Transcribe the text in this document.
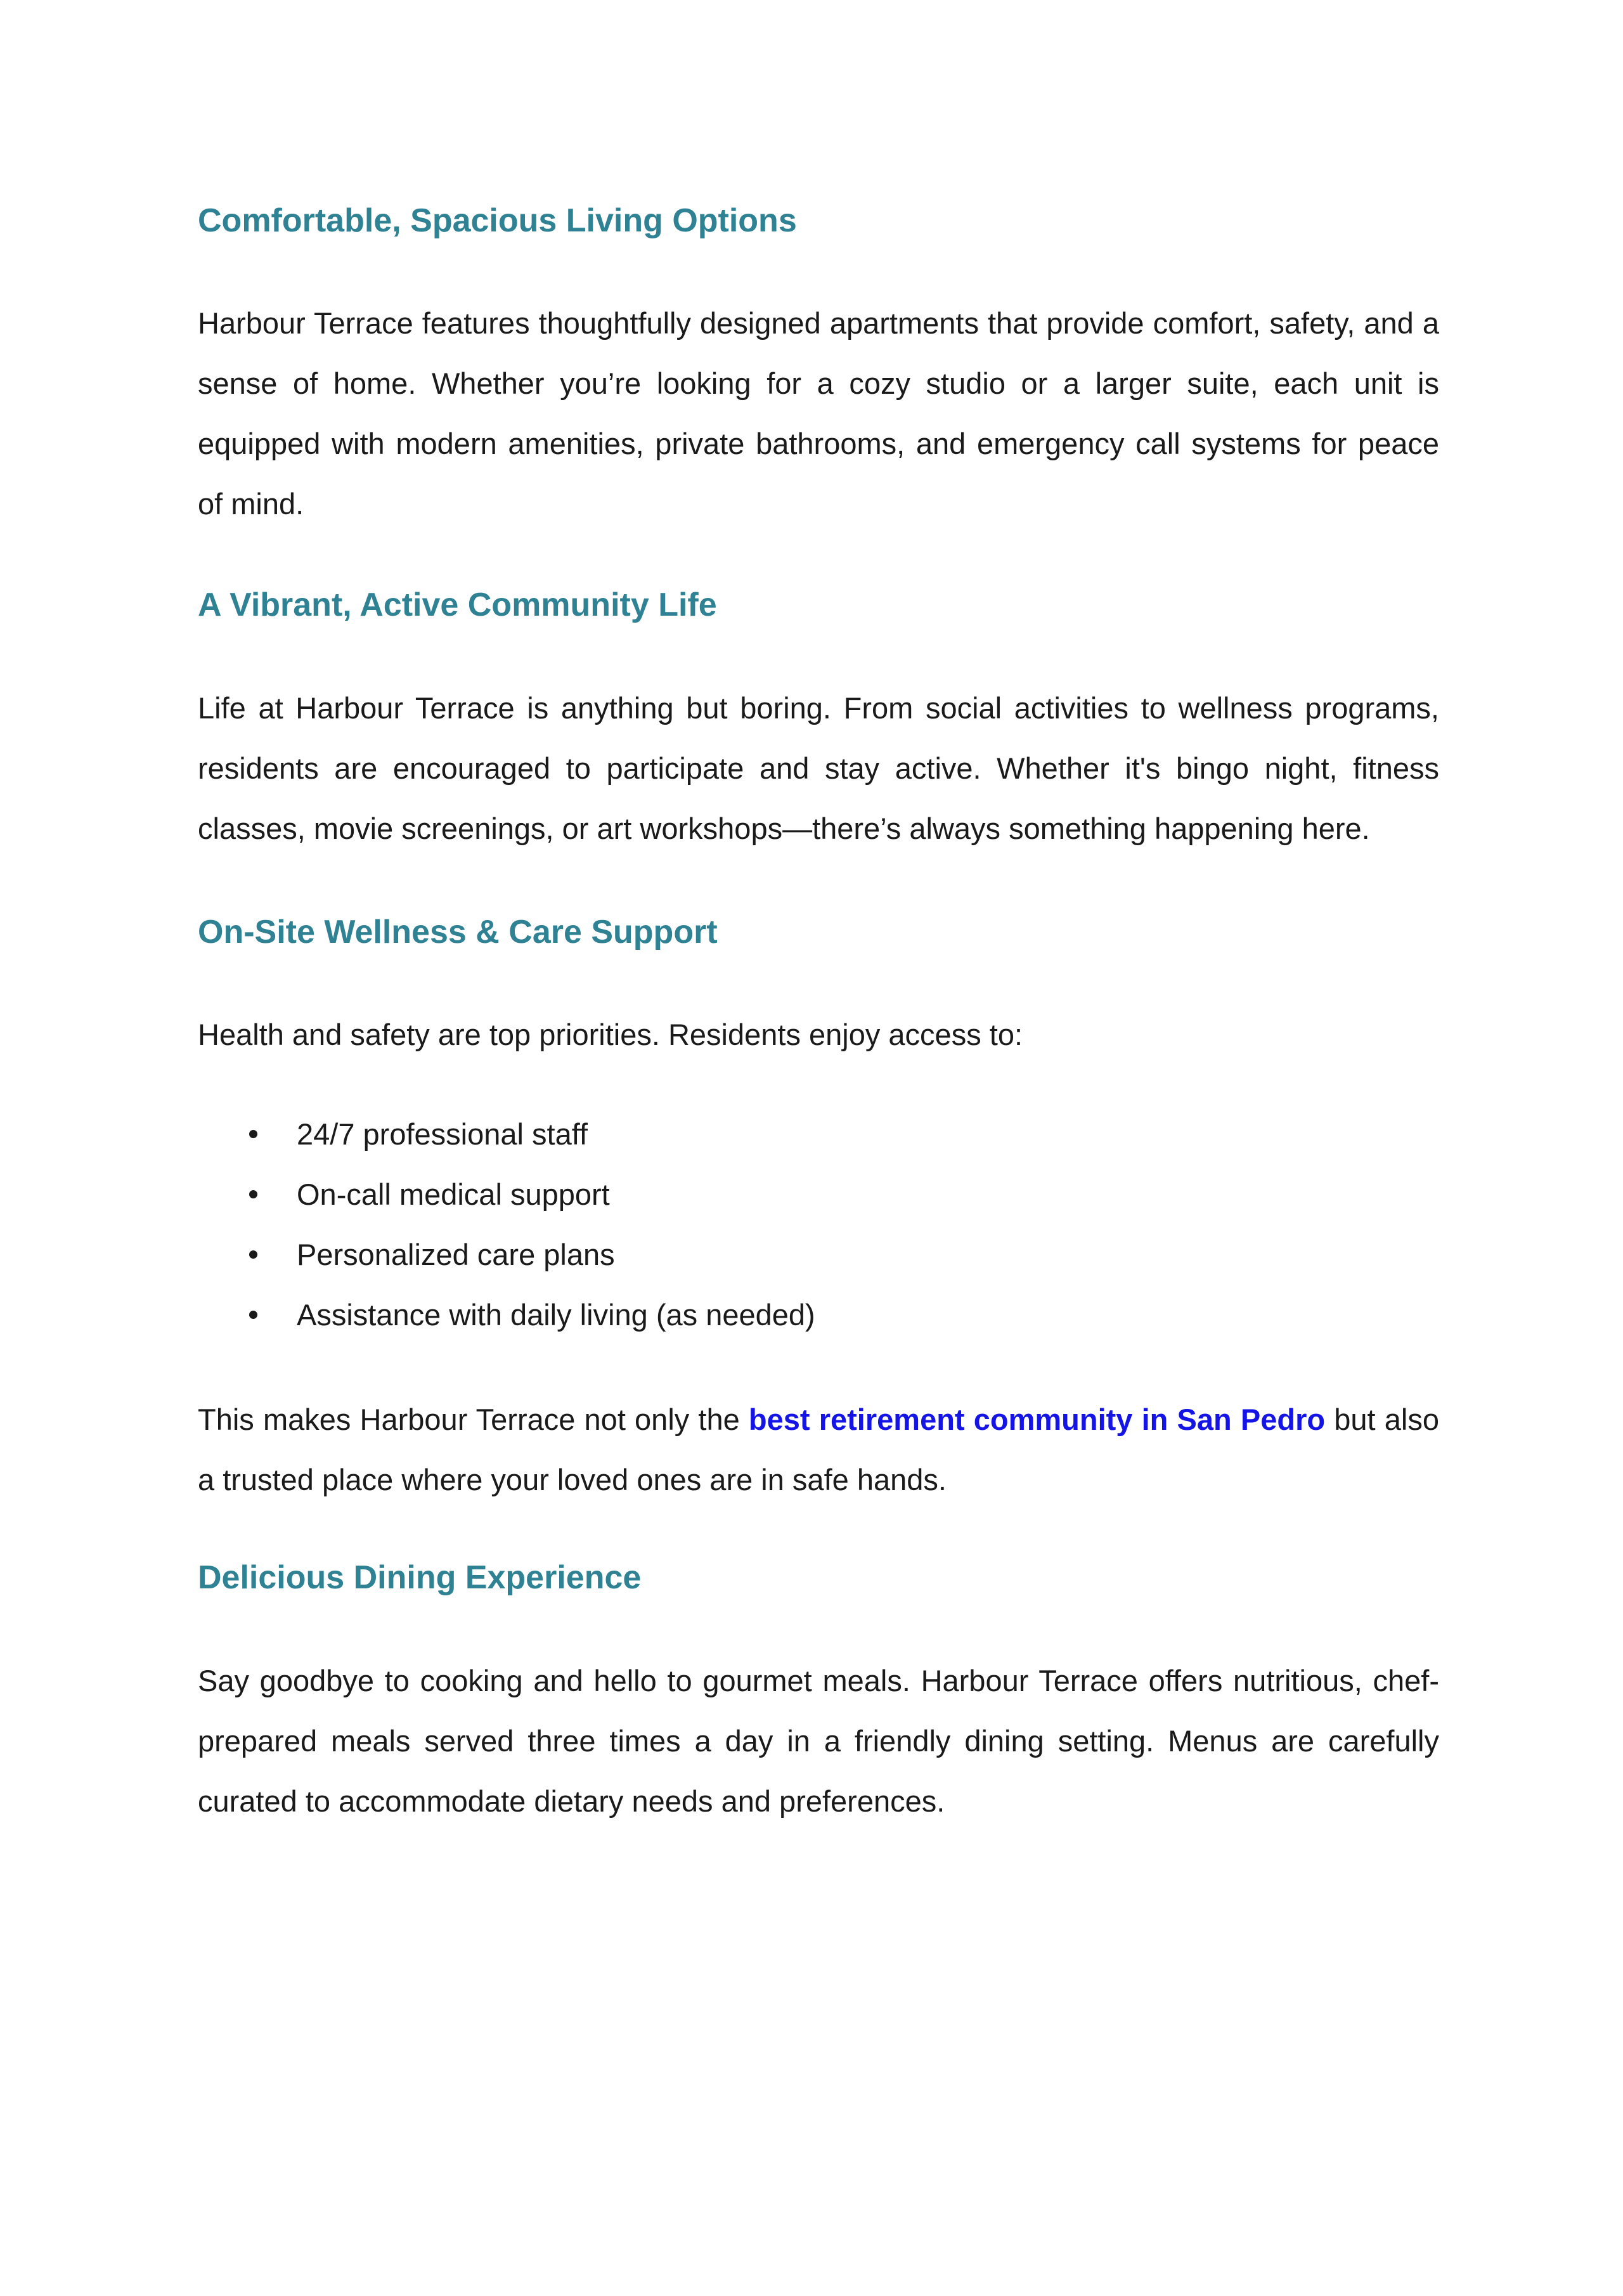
Comfortable, Spacious Living Options

Harbour Terrace features thoughtfully designed apartments that provide comfort, safety, and a sense of home. Whether you’re looking for a cozy studio or a larger suite, each unit is equipped with modern amenities, private bathrooms, and emergency call systems for peace of mind.

A Vibrant, Active Community Life

Life at Harbour Terrace is anything but boring. From social activities to wellness programs, residents are encouraged to participate and stay active. Whether it's bingo night, fitness classes, movie screenings, or art workshops—there’s always something happening here.

On-Site Wellness & Care Support

Health and safety are top priorities. Residents enjoy access to:

24/7 professional staff
On-call medical support
Personalized care plans
Assistance with daily living (as needed)

This makes Harbour Terrace not only the best retirement community in San Pedro but also a trusted place where your loved ones are in safe hands.

Delicious Dining Experience

Say goodbye to cooking and hello to gourmet meals. Harbour Terrace offers nutritious, chef-prepared meals served three times a day in a friendly dining setting. Menus are carefully curated to accommodate dietary needs and preferences.
